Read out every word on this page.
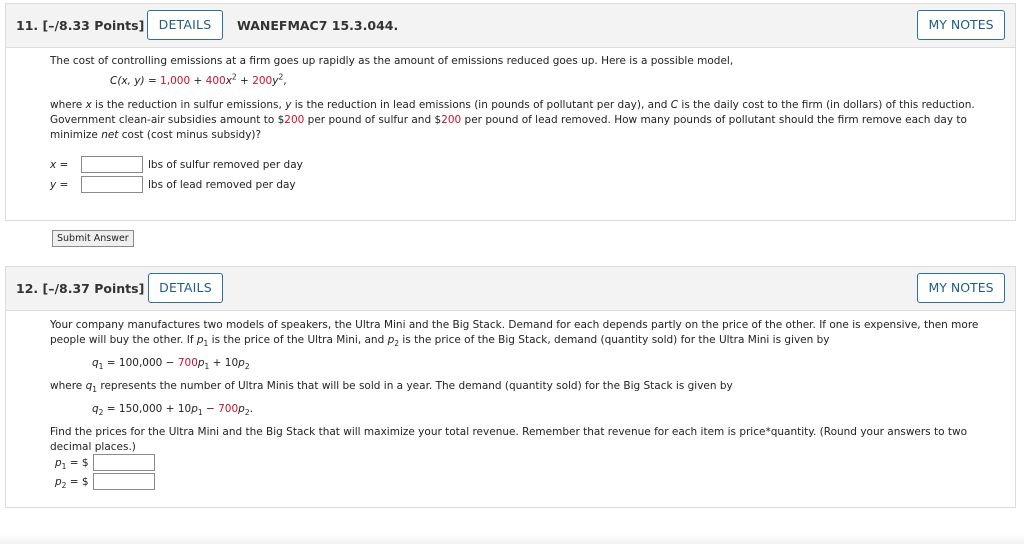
11. [–/8.33 Points]	DETAILS	WANEFMAC7 15.3.044.	MY NOTES

The cost of controlling emissions at a firm goes up rapidly as the amount of emissions reduced goes up. Here is a possible model,

C(x, $y) = 1,000 + 400x^2 + 200y^2$,

where x is the reduction in sulfur emissions, y is the reduction in lead emissions (in pounds of pollutant per day), and C is the daily cost to the firm (in dollars) of this reduction. Government clean-air subsidies amount to $200 per pound of sulfur and $200 per pound of lead removed. How many pounds of pollutant should the firm remove each day to minimize net cost (cost minus subsidy)?

x =	lbs of sulfur removed per day
y =	lbs of lead removed per day
Submit Answer
12. [–/8.37 Points]	DETAILS	MY NOTES

Your company manufactures two models of speakers, the Ultra Mini and the Big Stack. Demand for each depends partly on the price of the other. If one is expensive, then more people will buy the other. If $p_1$ is the price of the Ultra Mini, and $p_2$ is the price of the Big Stack, demand (quantity sold) for the Ultra Mini is given by

$q_1 = 100,000 - 700p_1 + 10p_2$

where $q_1$ represents the number of Ultra Minis that will be sold in a year. The demand (quantity sold) for the Big Stack is given by

$q_2 = 150,000 + 10p_1 - 700p_2$.

Find the prices for the Ultra Mini and the Big Stack that will maximize your total revenue. Remember that revenue for each item is price*quantity. (Round your answers to two decimal places.)

$p_1$ = $
$p_2$ = $
